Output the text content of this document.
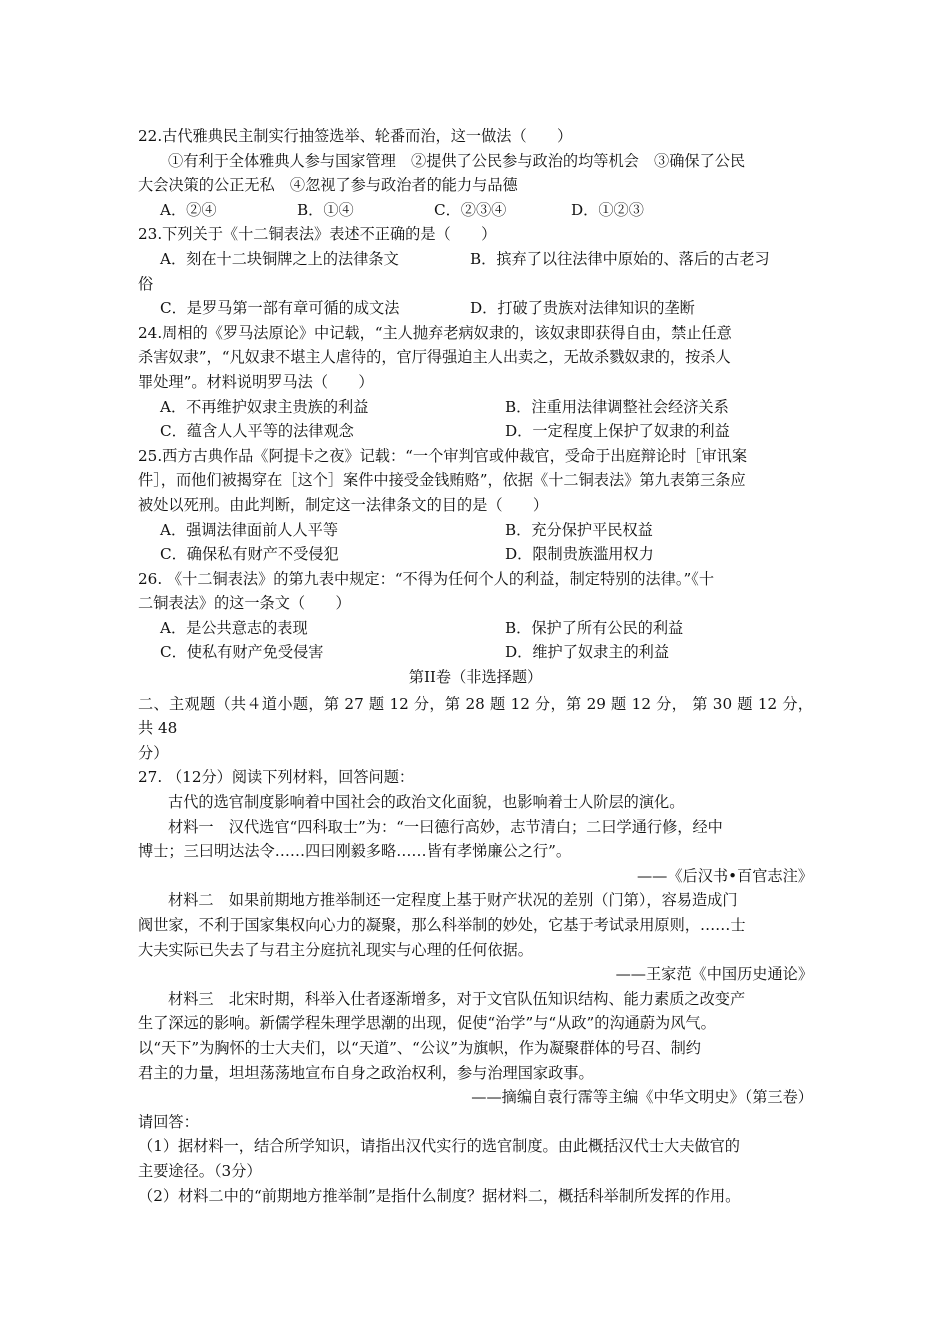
22.古代雅典民主制实行抽签选举、轮番而治，这一做法（　　）

①有利于全体雅典人参与国家管理　②提供了公民参与政治的均等机会　③确保了公民

大会决策的公正无私　④忽视了参与政治者的能力与品德

A．②④	B．①④	C．②③④	D．①②③

23.下列关于《十二铜表法》表述不正确的是（　　）

A．刻在十二块铜牌之上的法律条文	B．摈弃了以往法律中原始的、落后的古老习

俗

C．是罗马第一部有章可循的成文法	D．打破了贵族对法律知识的垄断

24.周相的《罗马法原论》中记载，“主人抛弃老病奴隶的，该奴隶即获得自由，禁止任意

杀害奴隶”，“凡奴隶不堪主人虐待的，官厅得强迫主人出卖之，无故杀戮奴隶的，按杀人

罪处理”。材料说明罗马法（　　）

A．不再维护奴隶主贵族的利益	B．注重用法律调整社会经济关系
C．蕴含人人平等的法律观念	D．一定程度上保护了奴隶的利益

25.西方古典作品《阿提卡之夜》记载：“一个审判官或仲裁官，受命于出庭辩论时［审讯案

件］，而他们被揭穿在［这个］案件中接受金钱贿赂”，依据《十二铜表法》第九表第三条应

被处以死刑。由此判断，制定这一法律条文的目的是（　　）

A．强调法律面前人人平等	B．充分保护平民权益
C．确保私有财产不受侵犯	D．限制贵族滥用权力

26. 《十二铜表法》的第九表中规定：“不得为任何个人的利益，制定特别的法律。”《十

二铜表法》的这一条文（　　）

A．是公共意志的表现	B．保护了所有公民的利益
C．使私有财产免受侵害	D．维护了奴隶主的利益

第II卷（非选择题）

二、主观题（共４道小题，第 27 题 12 分，第 28 题 12 分，第 29 题 12 分， 第 30 题 12 分，共 48

分）

27. （12分）阅读下列材料，回答问题：

古代的选官制度影响着中国社会的政治文化面貌，也影响着士人阶层的演化。

材料一　汉代选官“四科取士”为：“一曰德行高妙，志节清白；二曰学通行修，经中

博士；三曰明达法令……四曰刚毅多略……皆有孝悌廉公之行”。

——《后汉书•百官志注》

材料二　如果前期地方推举制还一定程度上基于财产状况的差别（门第），容易造成门

阀世家，不利于国家集权向心力的凝聚，那么科举制的妙处，它基于考试录用原则，……士

大夫实际已失去了与君主分庭抗礼现实与心理的任何依据。

——王家范《中国历史通论》

材料三　北宋时期，科举入仕者逐渐增多，对于文官队伍知识结构、能力素质之改变产

生了深远的影响。新儒学程朱理学思潮的出现，促使“治学”与“从政”的沟通蔚为风气。

以“天下”为胸怀的士大夫们，以“天道”、“公议”为旗帜，作为凝聚群体的号召、制约

君主的力量，坦坦荡荡地宣布自身之政治权利，参与治理国家政事。

——摘编自袁行霈等主编《中华文明史》（第三卷）

请回答：

（1）据材料一，结合所学知识，请指出汉代实行的选官制度。由此概括汉代士大夫做官的

主要途径。（3分）

（2）材料二中的“前期地方推举制”是指什么制度？据材料二，概括科举制所发挥的作用。
